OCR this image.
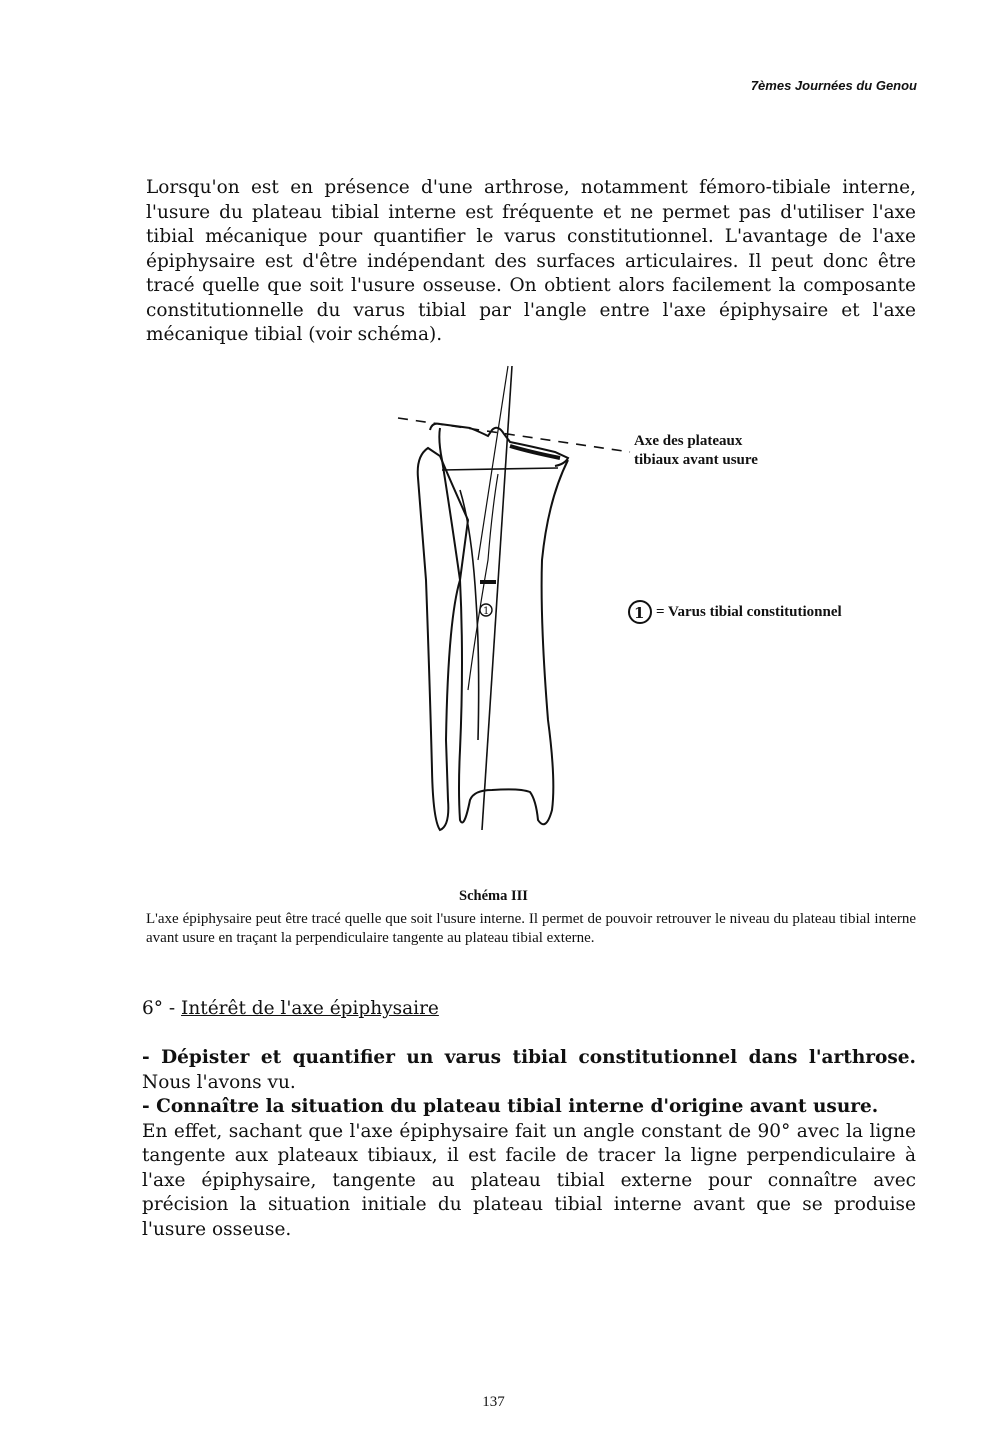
7èmes Journées du Genou

Lorsqu'on est en présence d'une arthrose, notamment fémoro-tibiale interne, l'usure du plateau tibial interne est fréquente et ne permet pas d'utiliser l'axe tibial mécanique pour quantifier le varus constitutionnel. L'avantage de l'axe épiphysaire est d'être indépendant des surfaces articulaires. Il peut donc être tracé quelle que soit l'usure osseuse. On obtient alors facilement la composante constitutionnelle du varus tibial par l'angle entre l'axe épiphysaire et l'axe mécanique tibial (voir schéma).

1	1
Axe des plateaux
tibiaux avant usure
= Varus tibial constitutionnel
Schéma III

L'axe épiphysaire peut être tracé quelle que soit l'usure interne. Il permet de pouvoir retrouver le niveau du plateau tibial interne avant usure en traçant la perpendiculaire tangente au plateau tibial externe.

6° - Intérêt de l'axe épiphysaire

- Dépister et quantifier un varus tibial constitutionnel dans l'arthrose. Nous l'avons vu.

- Connaître la situation du plateau tibial interne d'origine avant usure.

En effet, sachant que l'axe épiphysaire fait un angle constant de 90° avec la ligne tangente aux plateaux tibiaux, il est facile de tracer la ligne perpendiculaire à l'axe épiphysaire, tangente au plateau tibial externe pour connaître avec précision la situation initiale du plateau tibial interne avant que se produise l'usure osseuse.

137
